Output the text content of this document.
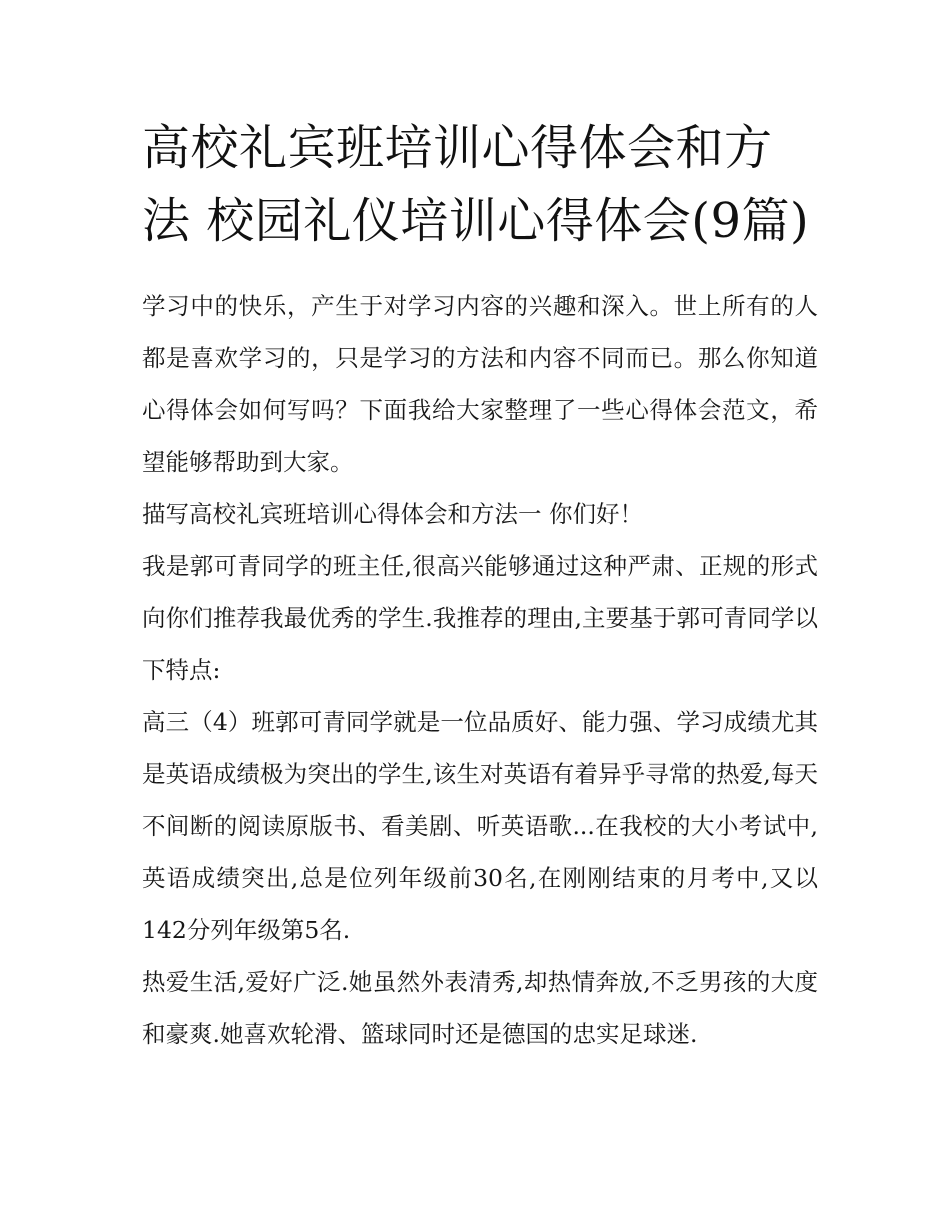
高校礼宾班培训心得体会和方法 校园礼仪培训心得体会(9篇)

学习中的快乐，产生于对学习内容的兴趣和深入。世上所有的人都是喜欢学习的，只是学习的方法和内容不同而已。那么你知道心得体会如何写吗？下面我给大家整理了一些心得体会范文，希望能够帮助到大家。

描写高校礼宾班培训心得体会和方法一 你们好！

我是郭可青同学的班主任,很高兴能够通过这种严肃、正规的形式向你们推荐我最优秀的学生.我推荐的理由,主要基于郭可青同学以下特点:

高三（4）班郭可青同学就是一位品质好、能力强、学习成绩尤其是英语成绩极为突出的学生,该生对英语有着异乎寻常的热爱,每天不间断的阅读原版书、看美剧、听英语歌...在我校的大小考试中,英语成绩突出,总是位列年级前30名,在刚刚结束的月考中,又以142分列年级第5名.

热爱生活,爱好广泛.她虽然外表清秀,却热情奔放,不乏男孩的大度和豪爽.她喜欢轮滑、篮球同时还是德国的忠实足球迷.
